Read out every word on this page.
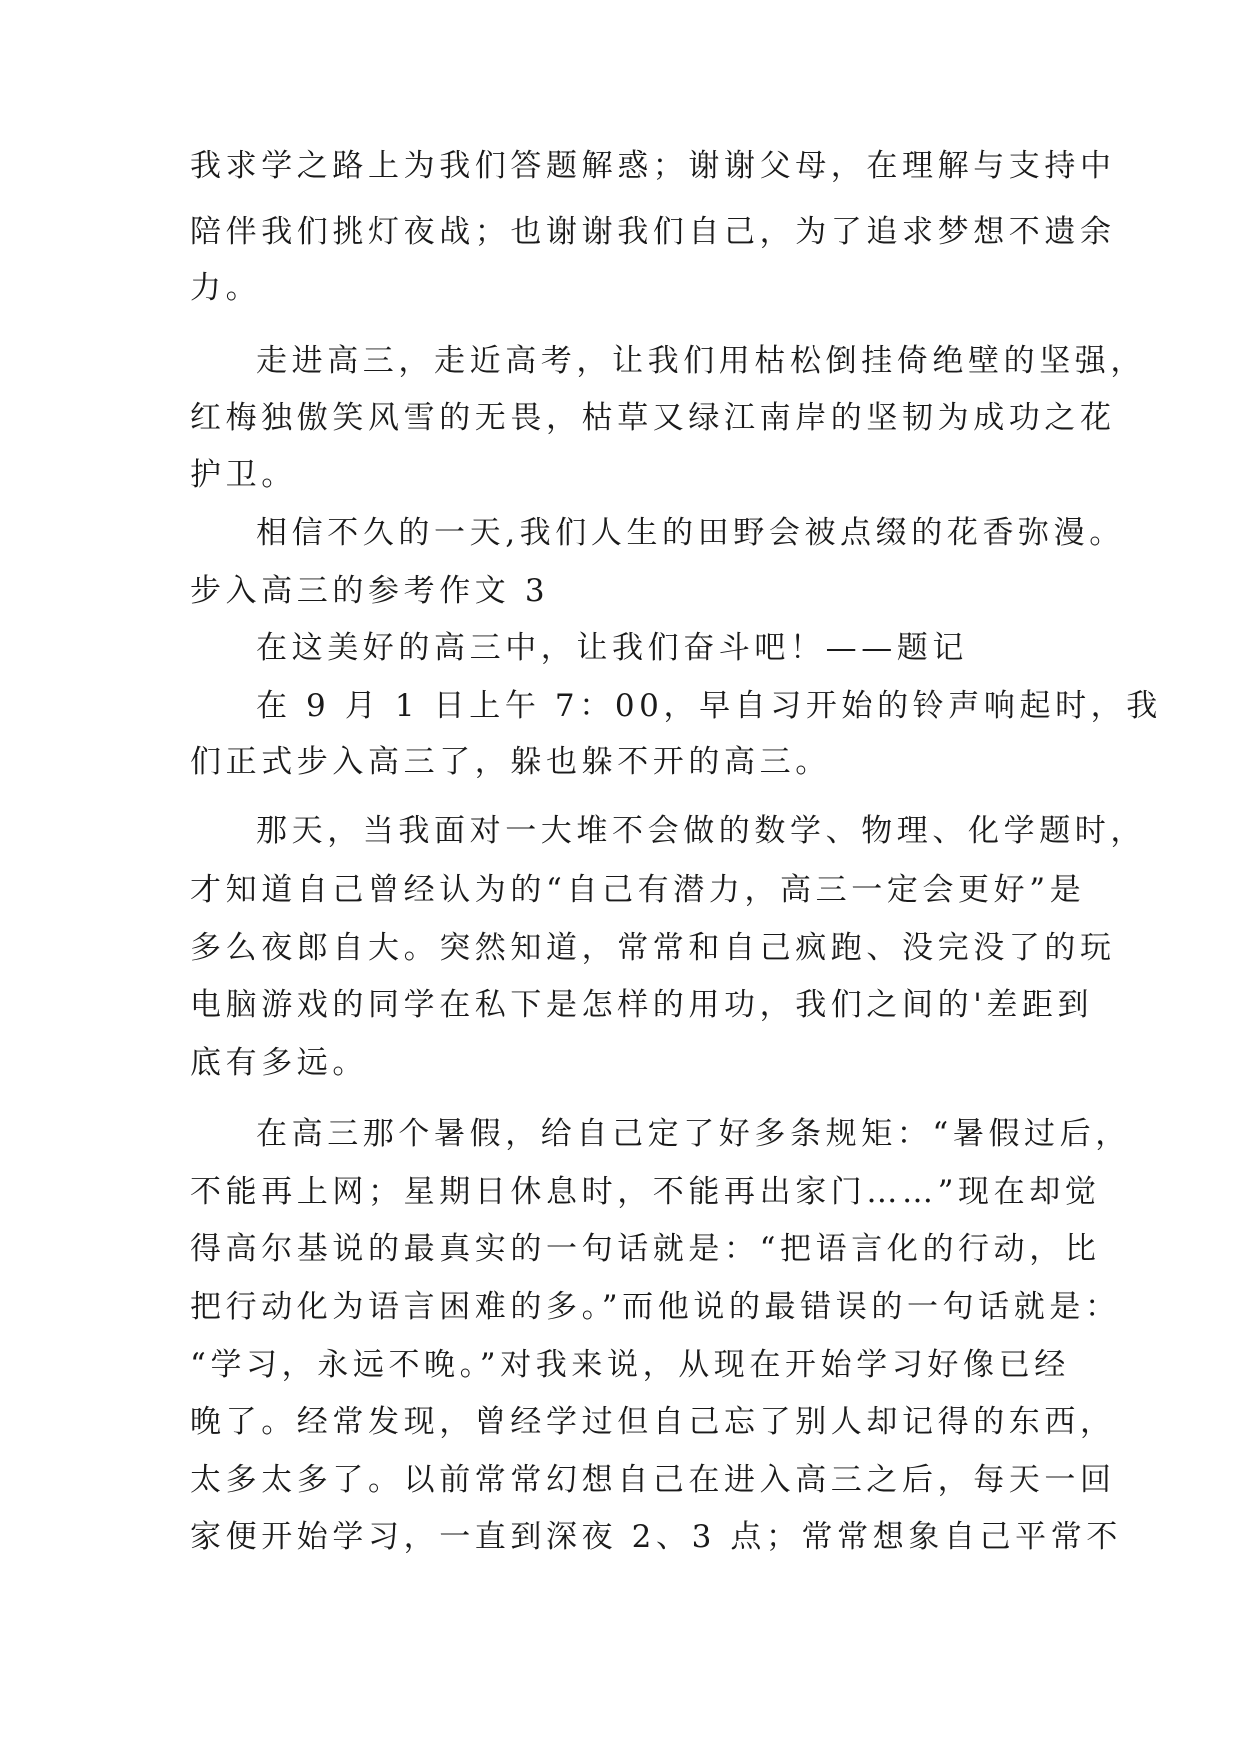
我求学之路上为我们答题解惑；谢谢父母，在理解与支持中
陪伴我们挑灯夜战；也谢谢我们自己，为了追求梦想不遗余
力。
走进高三，走近高考，让我们用枯松倒挂倚绝壁的坚强，
红梅独傲笑风雪的无畏，枯草又绿江南岸的坚韧为成功之花
护卫。
相信不久的一天,我们人生的田野会被点缀的花香弥漫。
步入高三的参考作文 3
在这美好的高三中，让我们奋斗吧！——题记
在 9 月 1 日上午 7：00，早自习开始的铃声响起时，我
们正式步入高三了，躲也躲不开的高三。
那天，当我面对一大堆不会做的数学、物理、化学题时，
才知道自己曾经认为的“自己有潜力，高三一定会更好”是
多么夜郎自大。突然知道，常常和自己疯跑、没完没了的玩
电脑游戏的同学在私下是怎样的用功，我们之间的'差距到
底有多远。
在高三那个暑假，给自己定了好多条规矩：“暑假过后，
不能再上网；星期日休息时，不能再出家门……”现在却觉
得高尔基说的最真实的一句话就是：“把语言化的行动，比
把行动化为语言困难的多。”而他说的最错误的一句话就是：
“学习，永远不晚。”对我来说，从现在开始学习好像已经
晚了。经常发现，曾经学过但自己忘了别人却记得的东西，
太多太多了。以前常常幻想自己在进入高三之后，每天一回
家便开始学习，一直到深夜 2、3 点；常常想象自己平常不
